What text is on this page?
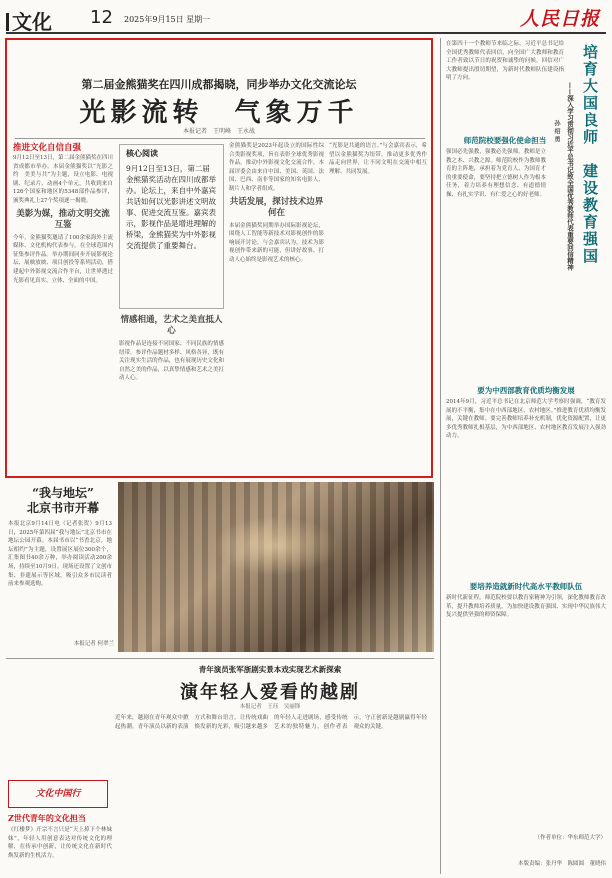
文化 12 2025年9月15日 星期一	人民日报
第二届金熊猫奖在四川成都揭晓，同步举办文化交流论坛
光影流转　气象万千
本报记者　王明峰　王永战
推进文化自信自强

9月12日至13日，第二届金熊猫奖在四川省成都市举办。本届金熊猫奖以“光影之约　美美与共”为主题，设立电影、电视剧、纪录片、动画4个单元，共收到来自126个国家和地区的5348部作品参评，颁奖典礼上27个奖项逐一揭晓。

美影为媒，推动文明交流互鉴

今年，金熊猫奖邀请了100余家海外主流媒体、文化机构代表参与，在全球范围内征集参评作品。举办期间同步开展影视论坛、展映放映、项目创投等系列活动，搭建起中外影视交流合作平台，让世界透过光影看见真实、立体、全面的中国。

核心阅读
9月12日至13日，第二届金熊猫奖活动在四川成都举办。论坛上，来自中外嘉宾共话如何以光影讲述文明故事、促进交流互鉴。嘉宾表示，影视作品是增进理解的桥梁，金熊猫奖为中外影视交流提供了重要舞台。
情感相通，艺术之美直抵人心

影视作品是连接不同国家、不同民族的情感纽带。参评作品题材多样、风格各异，既有关注现实生活的作品，也有展现历史文化和自然之美的作品，以真挚情感和艺术之美打动人心。

金熊猫奖是2023年起设立的国际性综合类影视奖项，旨在表彰全球优秀影视作品，推动中外影视文化交流合作。本届评委会由来自中国、美国、英国、法国、巴西、南非等国家的知名电影人、制片人和学者组成。

共话发展，探讨技术边界何在

本届金熊猫奖同期举办国际影视论坛，围绕人工智能等新技术对影视创作的影响展开讨论。与会嘉宾认为，技术为影视创作带来新的可能，但讲好故事、打动人心始终是影视艺术的核心。

“光影是共通的语言。”与会嘉宾表示，希望以金熊猫奖为纽带，推动更多优秀作品走向世界，让不同文明在交流中相互理解、共同发展。

“我与地坛”
北京书市开幕
本报北京9月14日电（记者张贺）9月13日，2025年第四届“我与地坛”北京书市在地坛公园开幕。本届书市以“书香北京，地坛相约”为主题，设置展区展位300余个，汇集图书40余万种，举办阅读活动200余场，持续至10月9日。现场还设置了文创市集、非遗展示等区域，吸引众多市民读者前来参观选购。
本报记者 何翠兰
青年演员张军浙剧实景本戏实现艺术新探索
演年轻人爱看的越剧
本报记者　王珏　吴丽锋
近年来，越剧在青年观众中掀起热潮。青年演员以新的表演方式和舞台语言，让传统戏曲焕发新的光彩，吸引越来越多的年轻人走进剧场，感受传统艺术的独特魅力。创作者表示，守正创新是越剧赢得年轻观众的关键。
文化中国行
Z世代青年的文化担当
《红楼梦》开宗不言只是“天上掉下个林妹妹”，年轻人用创意表达对传统文化的理解，在传承中创新，让传统文化在新时代焕发新的生机活力。
在第四十一个教师节来临之际，习近平总书记给全国优秀教师代表回信，向全国广大教师和教育工作者致以节日的祝贺和诚挚的问候。回信对广大教师提出殷切期望，为新时代教师队伍建设指明了方向。	培育大国良师　建设教育强国
——深入学习贯彻习近平总书记致全国优秀教师代表重要回信精神
孙绍勇
师范院校要强化使命担当
强国必先强教，强教必先强师。教师是立教之本、兴教之源。师范院校作为教师教育的主阵地，承担着为党育人、为国育才的重要使命，要坚持把立德树人作为根本任务，着力培养有理想信念、有道德情操、有扎实学识、有仁爱之心的好老师。
要为中西部教育优质均衡发展
2014年9月，习近平总书记在北京师范大学考察时强调，“教育发展的不平衡，集中在中西部地区、农村地区。”推进教育优质均衡发展，关键在教师。要完善教师培养补充机制，优化资源配置，让更多优秀教师扎根基层，为中西部地区、农村地区教育发展注入强劲动力。
要培养造就新时代高水平教师队伍
新时代新征程，师范院校要以教育家精神为引领，深化教师教育改革，提升教师培养质量，为加快建设教育强国、实现中华民族伟大复兴提供坚强的师资保障。
（作者单位：华东师范大学）
本版责编：张丹华　陈圆圆　董晓伟
